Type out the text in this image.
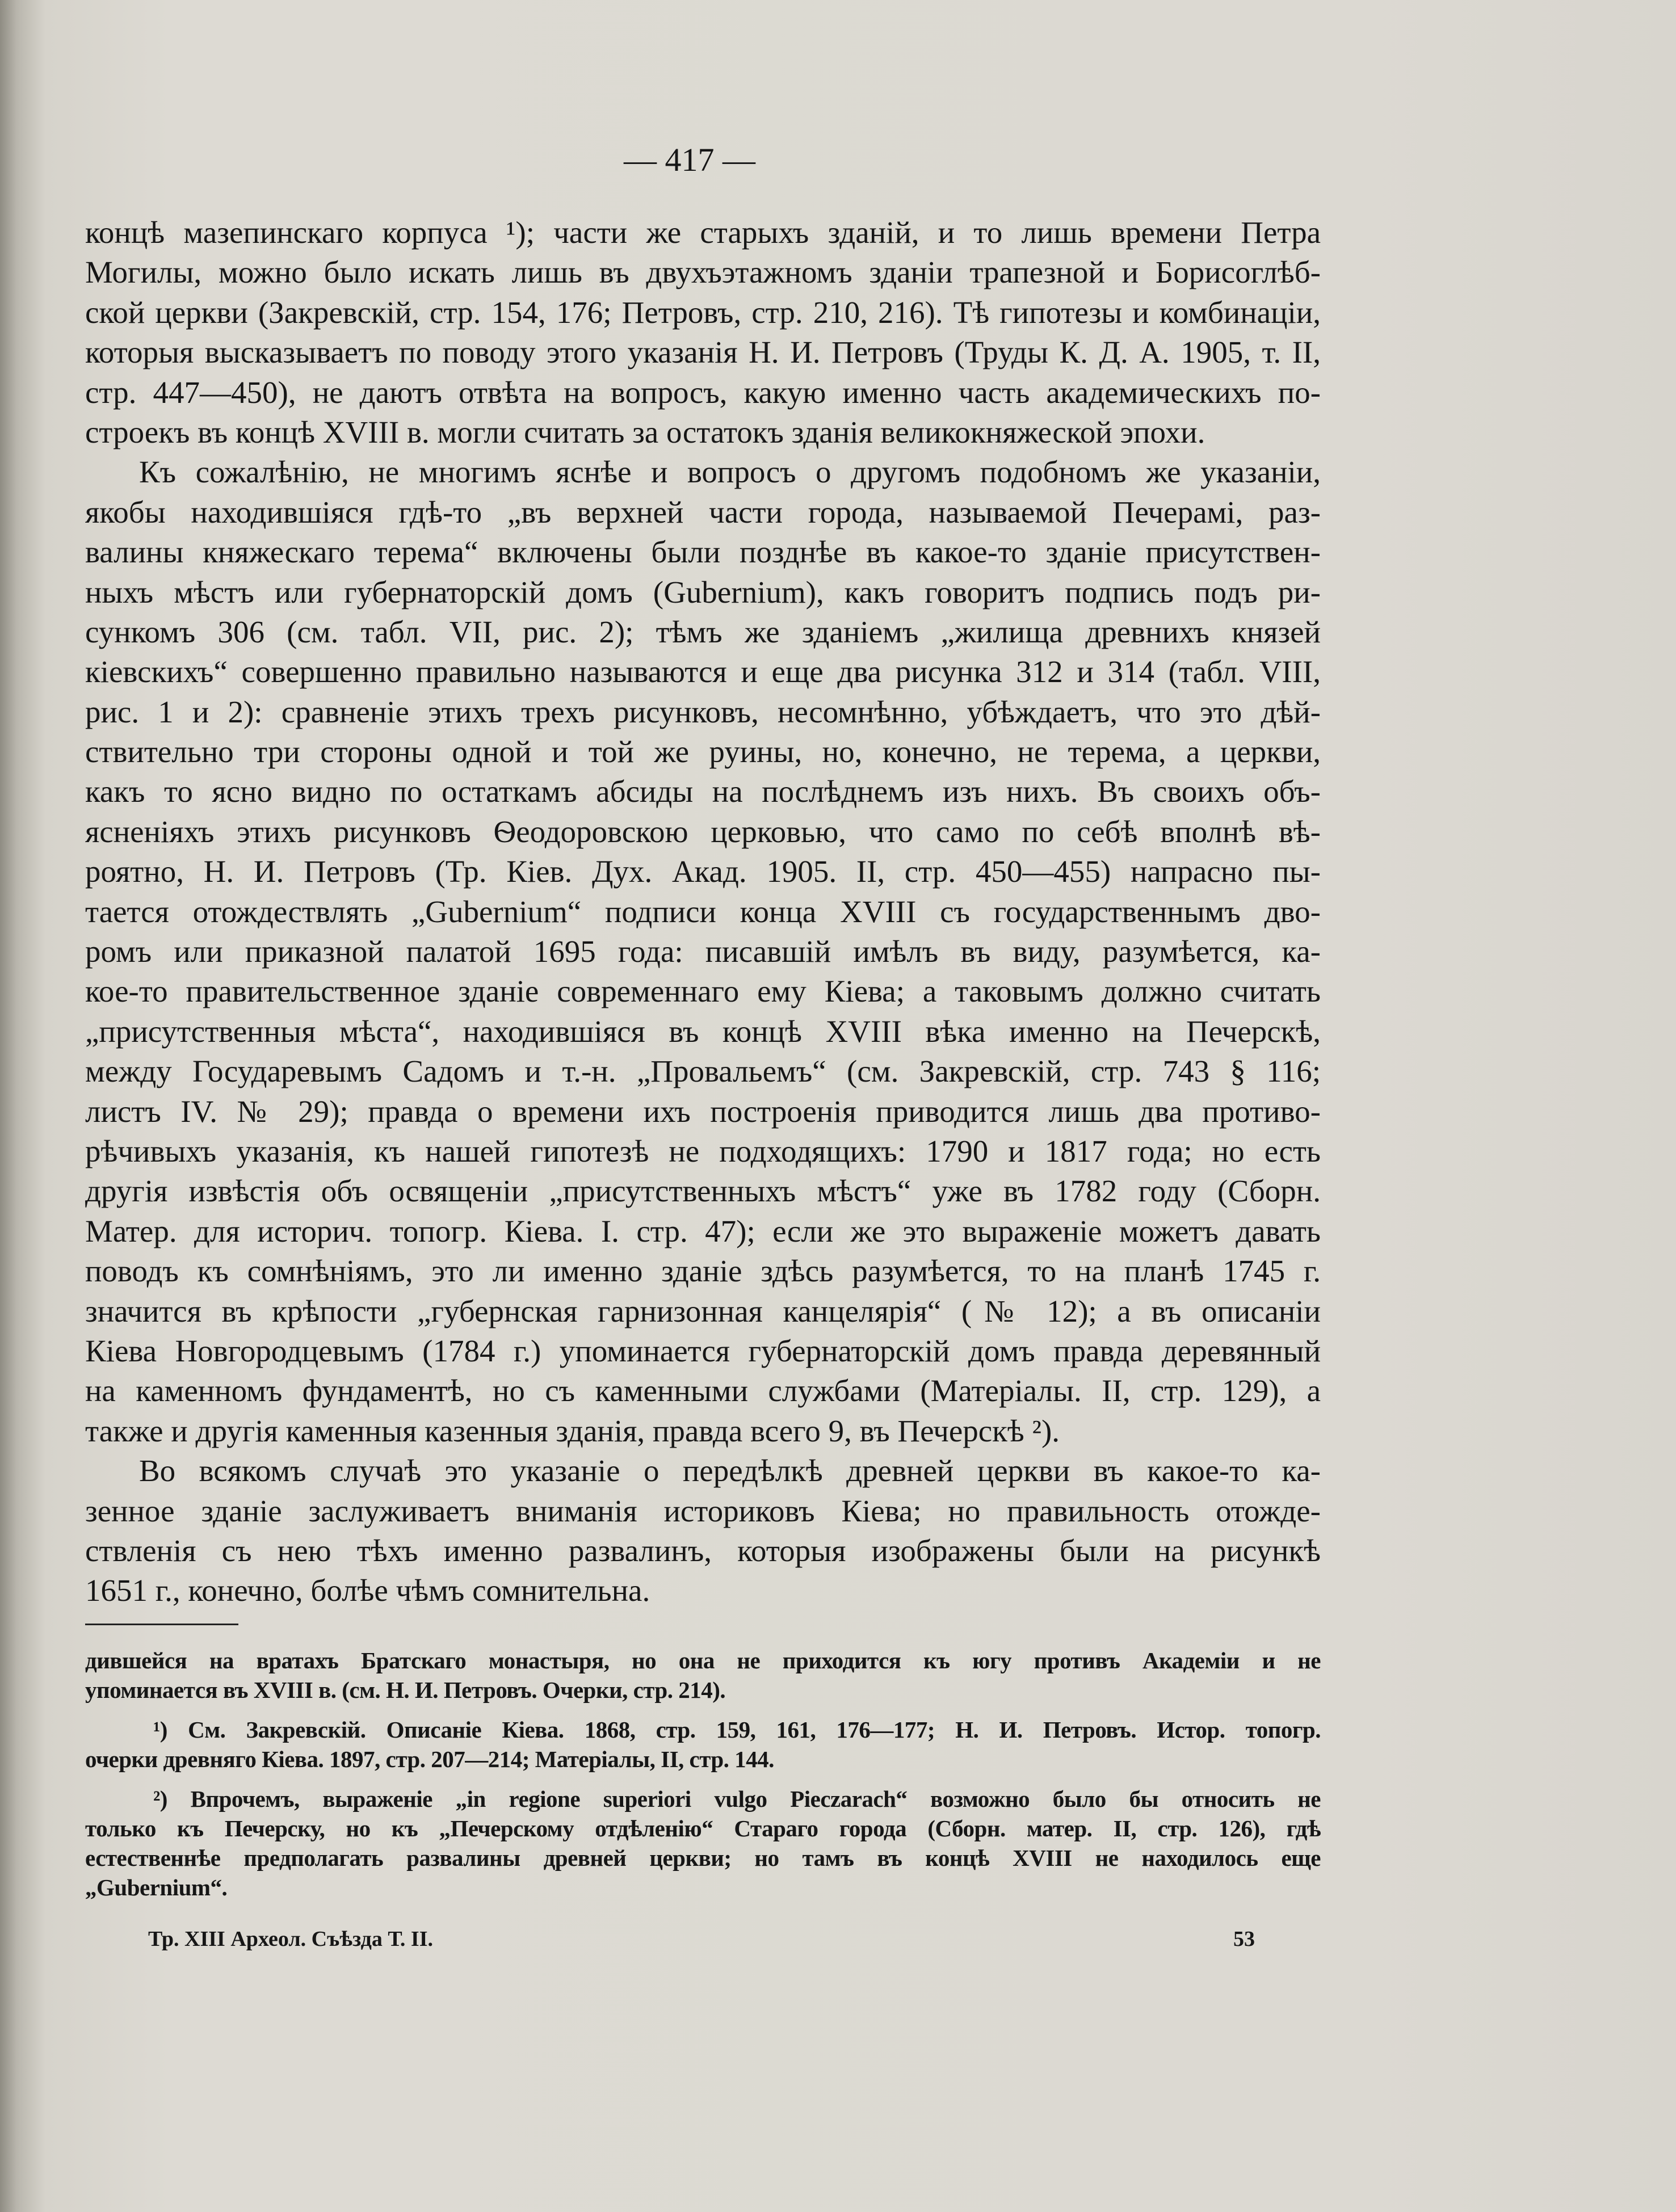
— 417 —
концѣ мазепинскаго корпуса ¹); части же старыхъ зданій, и то лишь времени Петра
Могилы, можно было искать лишь въ двухъэтажномъ зданіи трапезной и Борисоглѣб-
ской церкви (Закревскій, стр. 154, 176; Петровъ, стр. 210, 216). Тѣ гипотезы и комбинаціи,
которыя высказываетъ по поводу этого указанія Н. И. Петровъ (Труды К. Д. А. 1905, т. II,
стр. 447—450), не даютъ отвѣта на вопросъ, какую именно часть академическихъ по-
строекъ въ концѣ XVIII в. могли считать за остатокъ зданія великокняжеской эпохи.
Къ сожалѣнію, не многимъ яснѣе и вопросъ о другомъ подобномъ же указаніи,
якобы находившіяся гдѣ-то „въ верхней части города, называемой Печерамі, раз-
валины княжескаго терема“ включены были позднѣе въ какое-то зданіе присутствен-
ныхъ мѣстъ или губернаторскій домъ (Gubernium), какъ говоритъ подпись подъ ри-
сункомъ 306 (см. табл. VII, рис. 2); тѣмъ же зданіемъ „жилища древнихъ князей
кіевскихъ“ совершенно правильно называются и еще два рисунка 312 и 314 (табл. VIII,
рис. 1 и 2): сравненіе этихъ трехъ рисунковъ, несомнѣнно, убѣждаетъ, что это дѣй-
ствительно три стороны одной и той же руины, но, конечно, не терема, а церкви,
какъ то ясно видно по остаткамъ абсиды на послѣднемъ изъ нихъ. Въ своихъ объ-
ясненіяхъ этихъ рисунковъ Ѳеодоровскою церковью, что само по себѣ вполнѣ вѣ-
роятно, Н. И. Петровъ (Тр. Кіев. Дух. Акад. 1905. II, стр. 450—455) напрасно пы-
тается отождествлять „Gubernium“ подписи конца XVIII съ государственнымъ дво-
ромъ или приказной палатой 1695 года: писавшій имѣлъ въ виду, разумѣется, ка-
кое-то правительственное зданіе современнаго ему Кіева; а таковымъ должно считать
„присутственныя мѣста“, находившіяся въ концѣ XVIII вѣка именно на Печерскѣ,
между Государевымъ Садомъ и т.-н. „Провальемъ“ (см. Закревскій, стр. 743 § 116;
листъ IV. № 29); правда о времени ихъ построенія приводится лишь два противо-
рѣчивыхъ указанія, къ нашей гипотезѣ не подходящихъ: 1790 и 1817 года; но есть
другія извѣстія объ освященіи „присутственныхъ мѣстъ“ уже въ 1782 году (Сборн.
Матер. для историч. топогр. Кіева. I. стр. 47); если же это выраженіе можетъ давать
поводъ къ сомнѣніямъ, это ли именно зданіе здѣсь разумѣется, то на планѣ 1745 г.
значится въ крѣпости „губернская гарнизонная канцелярія“ (№ 12); а въ описаніи
Кіева Новгородцевымъ (1784 г.) упоминается губернаторскій домъ правда деревянный
на каменномъ фундаментѣ, но съ каменными службами (Матеріалы. II, стр. 129), а
также и другія каменныя казенныя зданія, правда всего 9, въ Печерскѣ ²).
Во всякомъ случаѣ это указаніе о передѣлкѣ древней церкви въ какое-то ка-
зенное зданіе заслуживаетъ вниманія историковъ Кіева; но правильность отожде-
ствленія съ нею тѣхъ именно развалинъ, которыя изображены были на рисункѣ
1651 г., конечно, болѣе чѣмъ сомнительна.
дившейся на вратахъ Братскаго монастыря, но она не приходится къ югу противъ Академіи и не
упоминается въ XVIII в. (см. Н. И. Петровъ. Очерки, стр. 214).
¹) См. Закревскій. Описаніе Кіева. 1868, стр. 159, 161, 176—177; Н. И. Петровъ. Истор. топогр.
очерки древняго Кіева. 1897, стр. 207—214; Матеріалы, II, стр. 144.
²) Впрочемъ, выраженіе „in regione superiori vulgo Pieczarach“ возможно было бы относить не
только къ Печерску, но къ „Печерскому отдѣленію“ Стараго города (Сборн. матер. II, стр. 126), гдѣ
естественнѣе предполагать развалины древней церкви; но тамъ въ концѣ XVIII не находилось еще
„Gubernium“.
Тр. XIII Археол. Съѣзда Т. II.	53
